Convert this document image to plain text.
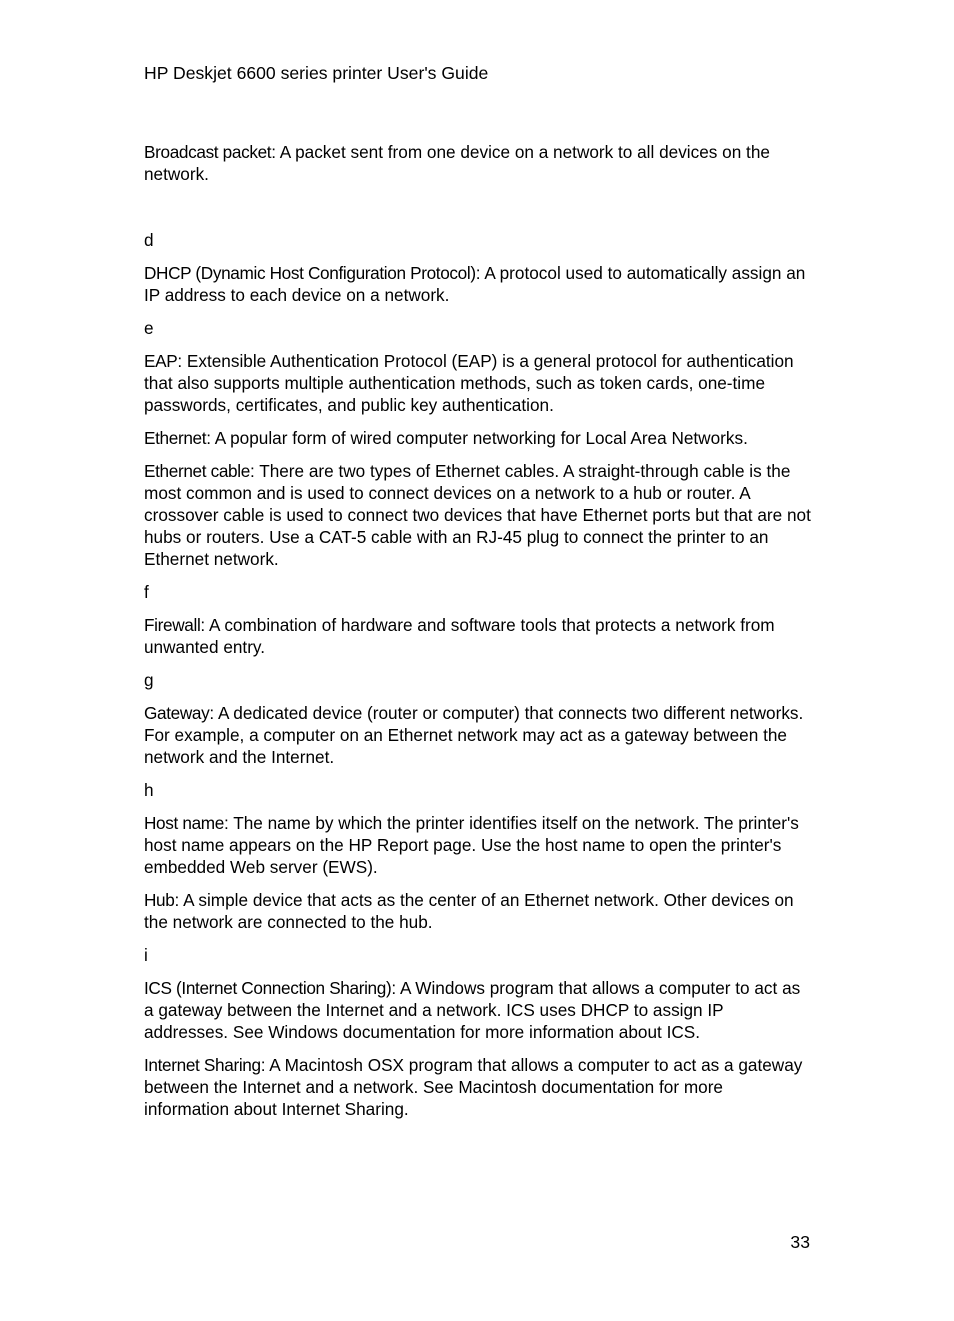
HP Deskjet 6600 series printer User's Guide

Broadcast packet: A packet sent from one device on a network to all devices on the network.

d

DHCP (Dynamic Host Configuration Protocol): A protocol used to automatically assign an IP address to each device on a network.

e

EAP: Extensible Authentication Protocol (EAP) is a general protocol for authentication that also supports multiple authentication methods, such as token cards, one-time passwords, certificates, and public key authentication.

Ethernet: A popular form of wired computer networking for Local Area Networks.

Ethernet cable: There are two types of Ethernet cables. A straight-through cable is the most common and is used to connect devices on a network to a hub or router. A crossover cable is used to connect two devices that have Ethernet ports but that are not hubs or routers. Use a CAT-5 cable with an RJ-45 plug to connect the printer to an Ethernet network.

f

Firewall: A combination of hardware and software tools that protects a network from unwanted entry.

g

Gateway: A dedicated device (router or computer) that connects two different networks. For example, a computer on an Ethernet network may act as a gateway between the network and the Internet.

h

Host name: The name by which the printer identifies itself on the network. The printer's host name appears on the HP Report page. Use the host name to open the printer's embedded Web server (EWS).

Hub: A simple device that acts as the center of an Ethernet network. Other devices on the network are connected to the hub.

i

ICS (Internet Connection Sharing): A Windows program that allows a computer to act as a gateway between the Internet and a network. ICS uses DHCP to assign IP addresses. See Windows documentation for more information about ICS.

Internet Sharing: A Macintosh OSX program that allows a computer to act as a gateway between the Internet and a network. See Macintosh documentation for more information about Internet Sharing.

33
